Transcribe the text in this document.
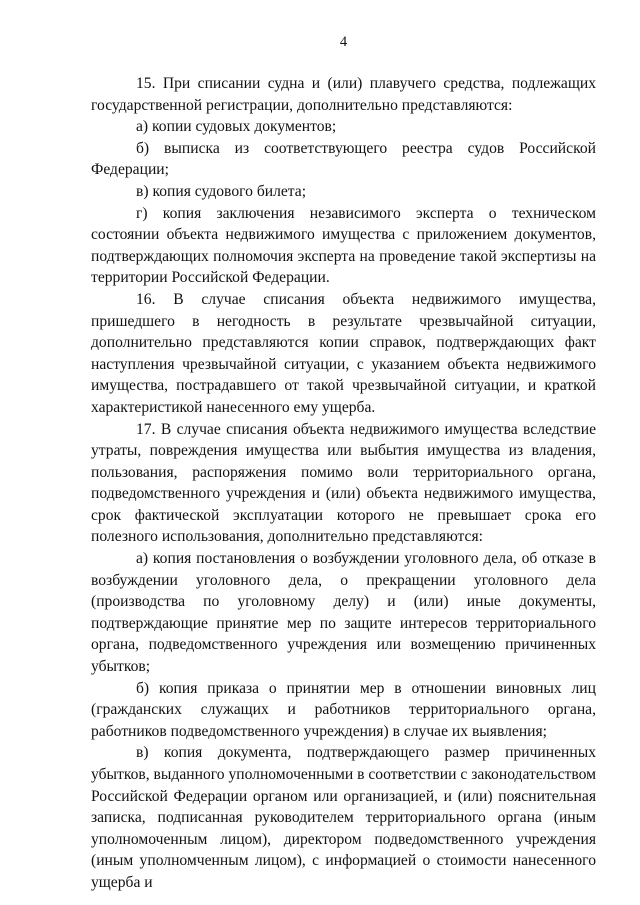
4

15. При списании судна и (или) плавучего средства, подлежащих государственной регистрации, дополнительно представляются:

а) копии судовых документов;

б) выписка из соответствующего реестра судов Российской Федерации;

в) копия судового билета;

г) копия заключения независимого эксперта о техническом состоянии объекта недвижимого имущества с приложением документов, подтверждающих полномочия эксперта на проведение такой экспертизы на территории Российской Федерации.

16. В случае списания объекта недвижимого имущества, пришедшего в негодность в результате чрезвычайной ситуации, дополнительно представляются копии справок, подтверждающих факт наступления чрезвычайной ситуации, с указанием объекта недвижимого имущества, пострадавшего от такой чрезвычайной ситуации, и краткой характеристикой нанесенного ему ущерба.

17. В случае списания объекта недвижимого имущества вследствие утраты, повреждения имущества или выбытия имущества из владения, пользования, распоряжения помимо воли территориального органа, подведомственного учреждения и (или) объекта недвижимого имущества, срок фактической эксплуатации которого не превышает срока его полезного использования, дополнительно представляются:

а) копия постановления о возбуждении уголовного дела, об отказе в возбуждении уголовного дела, о прекращении уголовного дела (производства по уголовному делу) и (или) иные документы, подтверждающие принятие мер по защите интересов территориального органа, подведомственного учреждения или возмещению причиненных убытков;

б) копия приказа о принятии мер в отношении виновных лиц (гражданских служащих и работников территориального органа, работников подведомственного учреждения) в случае их выявления;

в) копия документа, подтверждающего размер причиненных убытков, выданного уполномоченными в соответствии с законодательством Российской Федерации органом или организацией, и (или) пояснительная записка, подписанная руководителем территориального органа (иным уполномоченным лицом), директором подведомственного учреждения (иным уполномченным лицом), с информацией о стоимости нанесенного ущерба и
